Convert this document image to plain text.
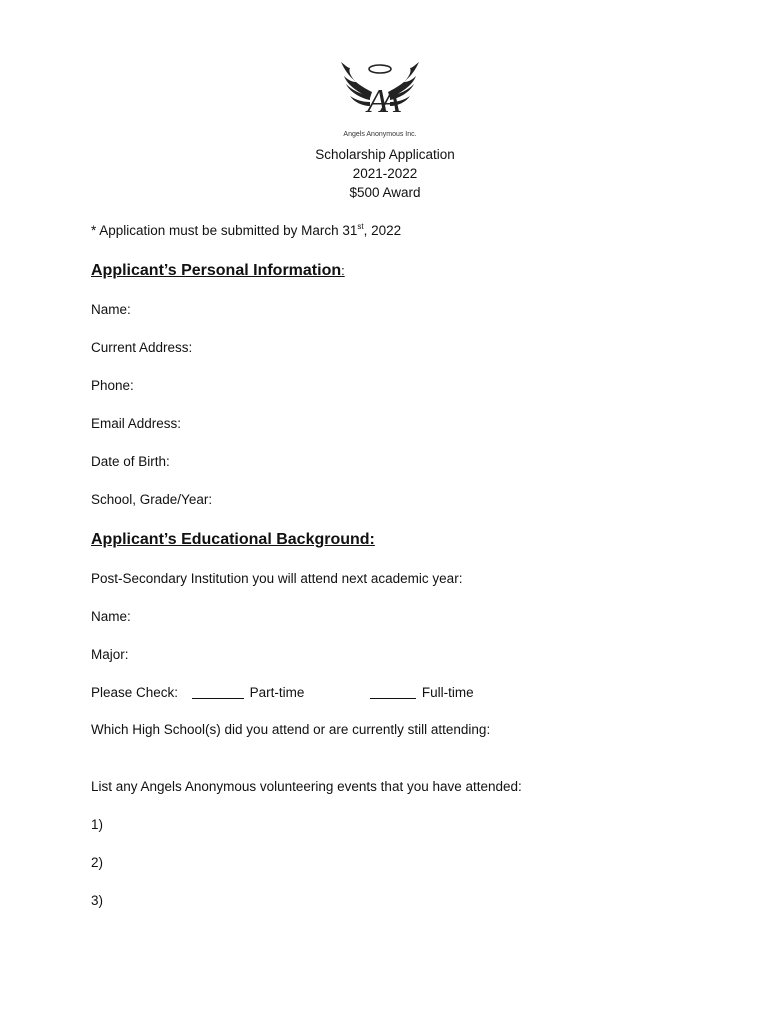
AA
Angels Anonymous Inc.
Scholarship Application
2021-2022
$500 Award
* Application must be submitted by March 31st, 2022
Applicant’s Personal Information:
Name:
Current Address:
Phone:
Email Address:
Date of Birth:
School, Grade/Year:
Applicant’s Educational Background:
Post-Secondary Institution you will attend next academic year:
Name:
Major:
Please Check:	Part-time	Full-time
Which High School(s) did you attend or are currently still attending:
List any Angels Anonymous volunteering events that you have attended:
1)
2)
3)
